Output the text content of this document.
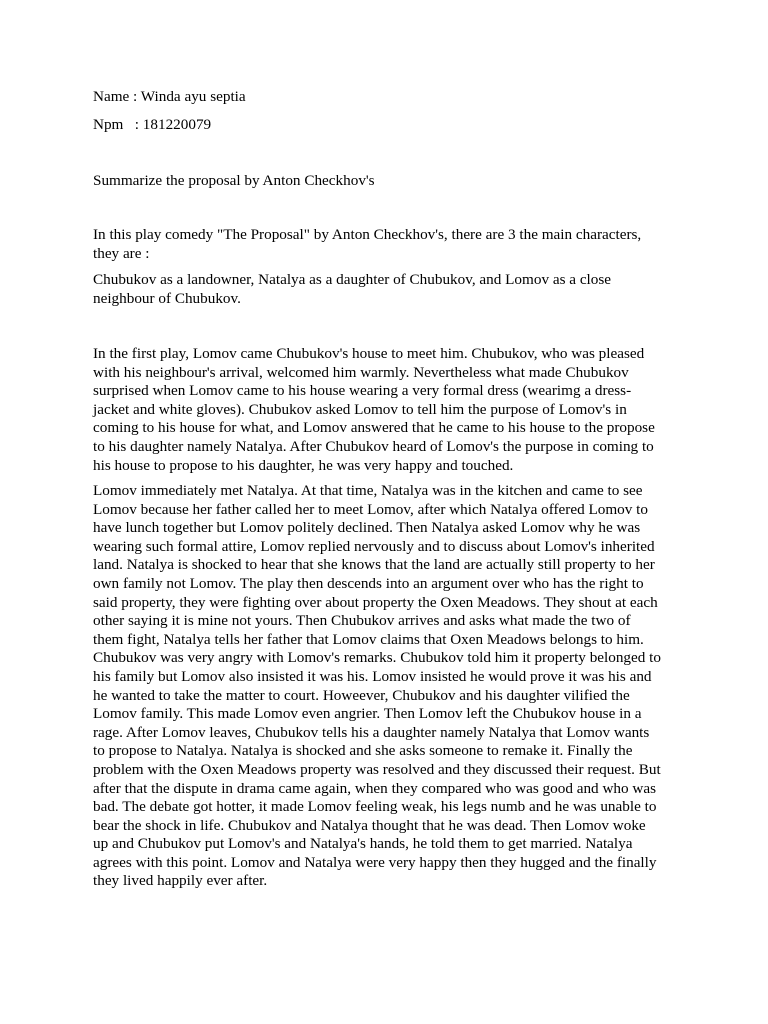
Name : Winda ayu septia

Npm   : 181220079

Summarize the proposal by Anton Checkhov's

In this play comedy "The Proposal" by Anton Checkhov's, there are 3 the main characters,
they are :
Chubukov as a landowner, Natalya as a daughter of Chubukov, and Lomov as a close
neighbour of Chubukov.
In the first play, Lomov came Chubukov's house to meet him. Chubukov, who was pleased
with his neighbour's arrival, welcomed him warmly. Nevertheless what made Chubukov
surprised when Lomov came to his house wearing a very formal dress (wearimg a dress-
jacket and white gloves). Chubukov asked Lomov to tell him the purpose of Lomov's in
coming to his house for what, and Lomov answered that he came to his house to the propose
to his daughter namely Natalya. After Chubukov heard of Lomov's the purpose in coming to
his house to propose to his daughter, he was very happy and touched.
Lomov immediately met Natalya. At that time, Natalya was in the kitchen and came to see
Lomov because her father called her to meet Lomov, after which Natalya offered Lomov to
have lunch together but Lomov politely declined. Then Natalya asked Lomov why he was
wearing such formal attire, Lomov replied nervously and to discuss about Lomov's inherited
land. Natalya is shocked to hear that she knows that the land are actually still property to her
own family not Lomov. The play then descends into an argument over who has the right to
said property, they were fighting over about property the Oxen Meadows. They shout at each
other saying it is mine not yours. Then Chubukov arrives and asks what made the two of
them fight, Natalya tells her father that Lomov claims that Oxen Meadows belongs to him.
Chubukov was very angry with Lomov's remarks. Chubukov told him it property belonged to
his family but Lomov also insisted it was his. Lomov insisted he would prove it was his and
he wanted to take the matter to court. Howeever, Chubukov and his daughter vilified the
Lomov family. This made Lomov even angrier. Then Lomov left the Chubukov house in a
rage. After Lomov leaves, Chubukov tells his a daughter namely Natalya that Lomov wants
to propose to Natalya. Natalya is shocked and she asks someone to remake it. Finally the
problem with the Oxen Meadows property was resolved and they discussed their request. But
after that the dispute in drama came again, when they compared who was good and who was
bad. The debate got hotter, it made Lomov feeling weak, his legs numb and he was unable to
bear the shock in life. Chubukov and Natalya thought that he was dead. Then Lomov woke
up and Chubukov put Lomov's and Natalya's hands, he told them to get married. Natalya
agrees with this point. Lomov and Natalya were very happy then they hugged and the finally
they lived happily ever after.
